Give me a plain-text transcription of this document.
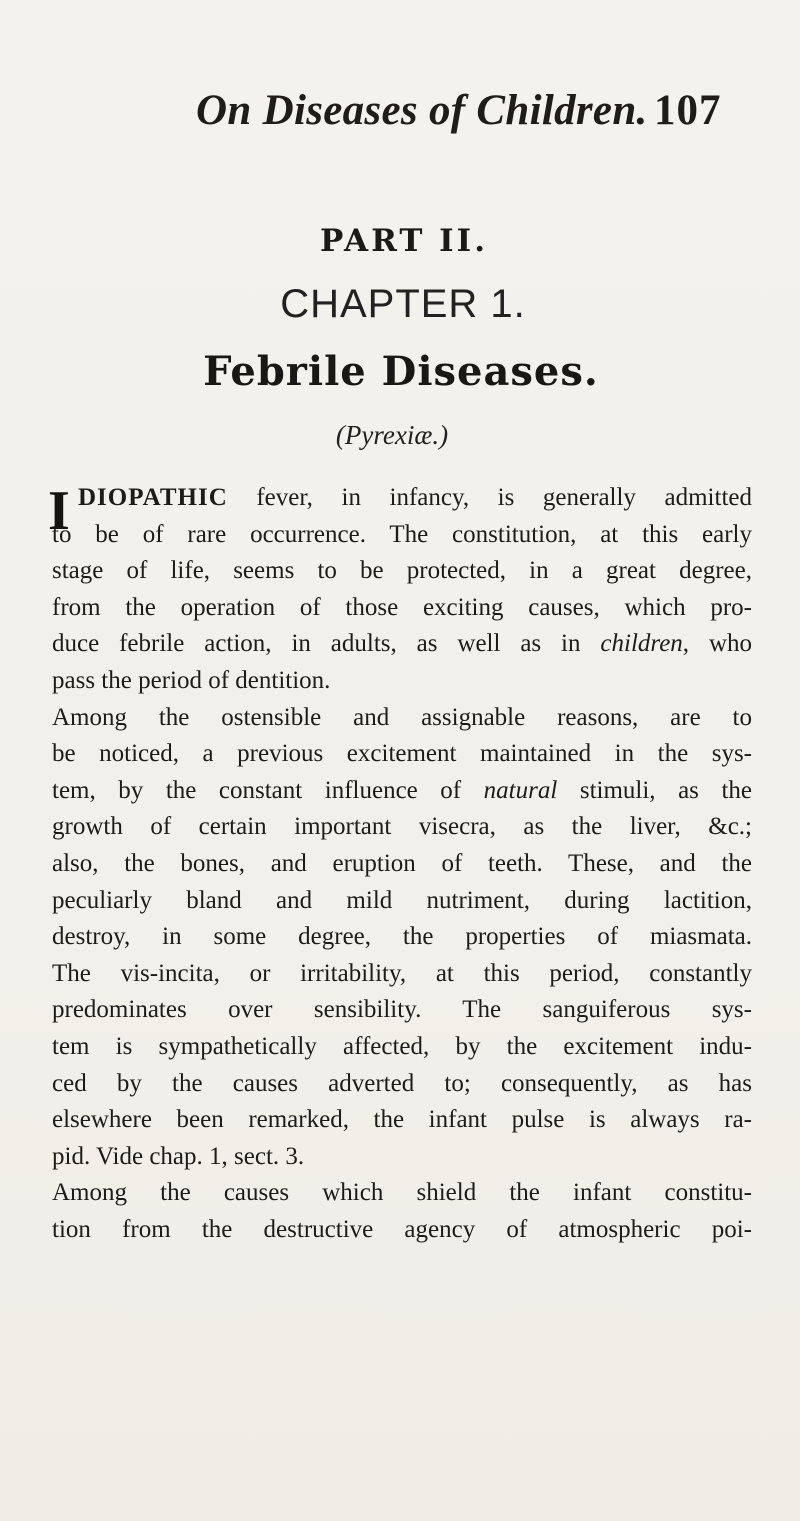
On Diseases of Children. 107
PART II.
CHAPTER 1.
Febrile Diseases.
(Pyrexiæ.)
I DIOPATHIC fever, in infancy, is generally admitted
to be of rare occurrence. The constitution, at this early
stage of life, seems to be protected, in a great degree,
from the operation of those exciting causes, which pro-
duce febrile action, in adults, as well as in children, who
pass the period of dentition.
Among the ostensible and assignable reasons, are to
be noticed, a previous excitement maintained in the sys-
tem, by the constant influence of natural stimuli, as the
growth of certain important visecra, as the liver, &c.;
also, the bones, and eruption of teeth. These, and the
peculiarly bland and mild nutriment, during lactition,
destroy, in some degree, the properties of miasmata.
The vis-incita, or irritability, at this period, constantly
predominates over sensibility. The sanguiferous sys-
tem is sympathetically affected, by the excitement indu-
ced by the causes adverted to; consequently, as has
elsewhere been remarked, the infant pulse is always ra-
pid. Vide chap. 1, sect. 3.
Among the causes which shield the infant constitu-
tion from the destructive agency of atmospheric poi-
